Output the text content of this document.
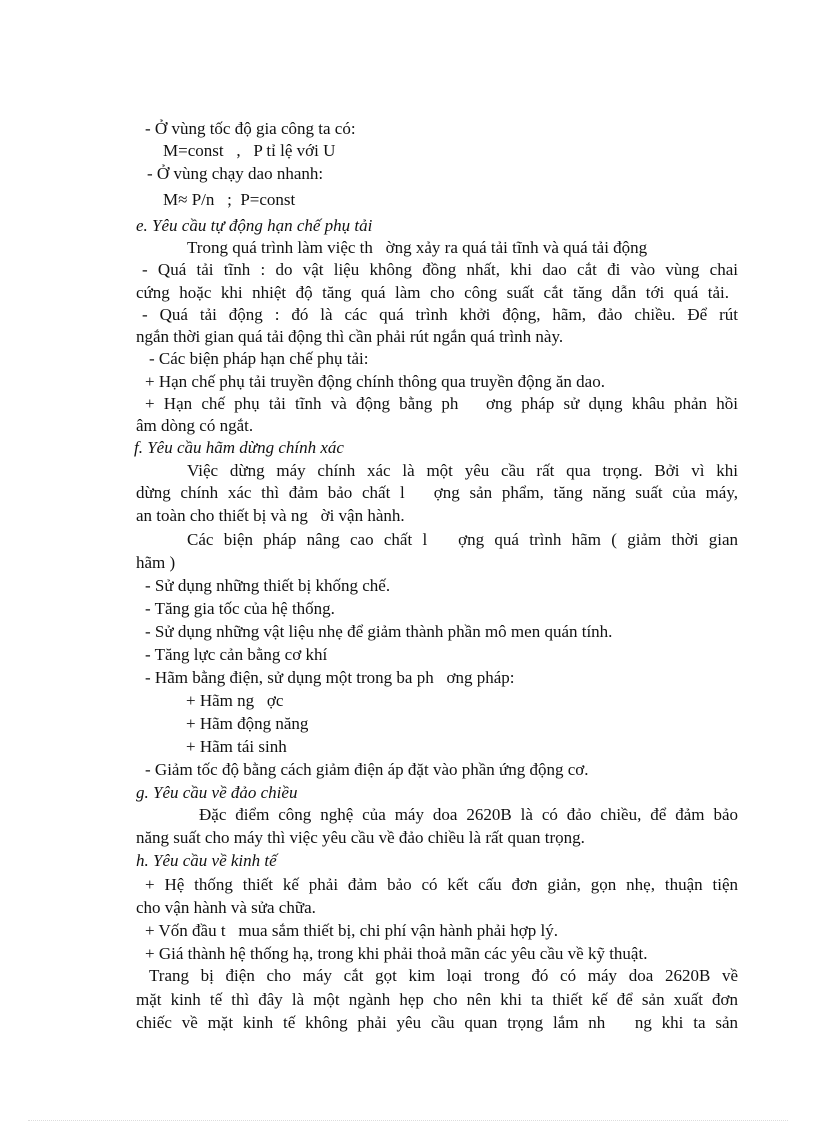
- Ở vùng tốc độ gia công ta có:
M=const   ,   P tỉ lệ với U
- Ở vùng chạy dao nhanh:
M≈ P/n   ;  P=const
e. Yêu cầu tự động hạn chế phụ tải
Trong quá trình làm việc th   ờng xảy ra quá tải tĩnh và quá tải động
- Quá tải tĩnh : do vật liệu không đồng nhất, khi dao cắt đi vào vùng chai
cứng hoặc khi nhiệt độ tăng quá làm cho công suất cắt tăng dẫn tới quá tải.
- Quá tải động : đó là các quá trình khởi động, hãm, đảo chiều. Để rút
ngắn thời gian quá tải động thì cần phải rút ngắn quá trình này.
- Các biện pháp hạn chế phụ tải:
+ Hạn chế phụ tải truyền động chính thông qua truyền động ăn dao.
+ Hạn chế phụ tải tĩnh và động bằng ph   ơng pháp sử dụng khâu phản hồi
âm dòng có ngắt.
f. Yêu cầu hãm dừng chính xác
Việc dừng máy chính xác là một yêu cầu rất qua trọng. Bởi vì khi
dừng chính xác thì đảm bảo chất l   ợng sản phẩm, tăng năng suất của máy,
an toàn cho thiết bị và ng   ời vận hành.
Các biện pháp nâng cao chất l   ợng quá trình hãm ( giảm thời gian
hãm )
- Sử dụng những thiết bị khống chế.
- Tăng gia tốc của hệ thống.
- Sử dụng những vật liệu nhẹ để giảm thành phần mô men quán tính.
- Tăng lực cản bằng cơ khí
- Hãm bằng điện, sử dụng một trong ba ph   ơng pháp:
+ Hãm ng   ợc
+ Hãm động năng
+ Hãm tái sinh
- Giảm tốc độ bằng cách giảm điện áp đặt vào phần ứng động cơ.
g. Yêu cầu về đảo chiều
Đặc điểm công nghệ của máy doa 2620B là có đảo chiều, để đảm bảo
năng suất cho máy thì việc yêu cầu về đảo chiều là rất quan trọng.
h. Yêu cầu về kinh tế
+ Hệ thống thiết kế phải đảm bảo có kết cấu đơn giản, gọn nhẹ, thuận tiện
cho vận hành và sửa chữa.
+ Vốn đầu t   mua sắm thiết bị, chi phí vận hành phải hợp lý.
+ Giá thành hệ thống hạ, trong khi phải thoả mãn các yêu cầu về kỹ thuật.
Trang bị điện cho máy cắt gọt kim loại trong đó có máy doa 2620B về
mặt kinh tế thì đây là một ngành hẹp cho nên khi ta thiết kế để sản xuất đơn
chiếc về mặt kinh tế không phải yêu cầu quan trọng lắm nh   ng khi ta sản
